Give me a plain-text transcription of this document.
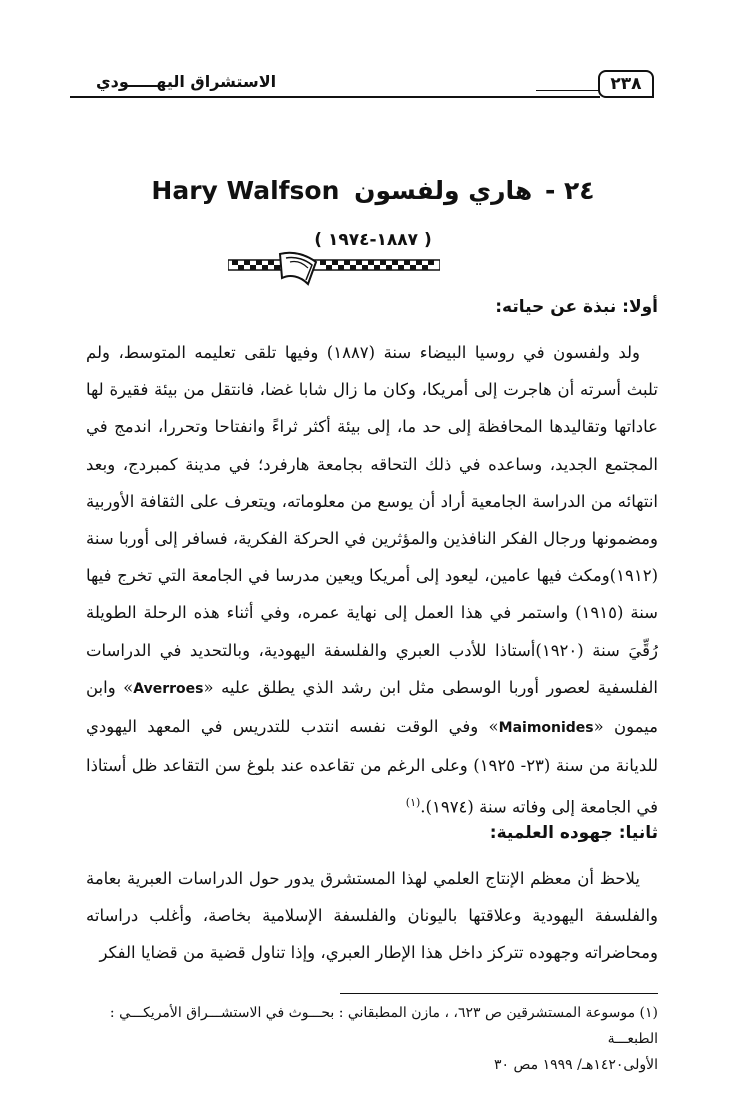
الاستشراق اليهـــــودي	٢٣٨
٢٤ - هاري ولفسون Hary Walfson
( ١٨٨٧-١٩٧٤ )
أولا: نبذة عن حياته:
ولد ولفسون في روسيا البيضاء سنة (١٨٨٧) وفيها تلقى تعليمه المتوسط، ولم تلبث أسرته أن هاجرت إلى أمريكا، وكان ما زال شابا غضا، فانتقل من بيئة فقيرة لها عاداتها وتقاليدها المحافظة إلى حد ما، إلى بيئة أكثر ثراءً وانفتاحا وتحررا، اندمج في المجتمع الجديد، وساعده في ذلك التحاقه بجامعة هارفرد؛ في مدينة كمبردج، وبعد انتهائه من الدراسة الجامعية أراد أن يوسع من معلوماته، ويتعرف على الثقافة الأوربية ومضمونها ورجال الفكر النافذين والمؤثرين في الحركة الفكرية، فسافر إلى أوربا سنة (١٩١٢)ومكث فيها عامين، ليعود إلى أمريكا ويعين مدرسا في الجامعة التي تخرج فيها سنة (١٩١٥) واستمر في هذا العمل إلى نهاية عمره، وفي أثناء هذه الرحلة الطويلة رُقِّيَ سنة (١٩٢٠)أستاذا للأدب العبري والفلسفة اليهودية، وبالتحديد في الدراسات الفلسفية لعصور أوربا الوسطى مثل ابن رشد الذي يطلق عليه «Averroes» وابن ميمون «Maimonides» وفي الوقت نفسه انتدب للتدريس في المعهد اليهودي للديانة من سنة (٢٣- ١٩٢٥) وعلى الرغم من تقاعده عند بلوغ سن التقاعد ظل أستاذا في الجامعة إلى وفاته سنة (١٩٧٤).$^{(١)}$
ثانيا: جهوده العلمية:
يلاحظ أن معظم الإنتاج العلمي لهذا المستشرق يدور حول الدراسات العبرية بعامة والفلسفة اليهودية وعلاقتها باليونان والفلسفة الإسلامية بخاصة، وأغلب دراساته ومحاضراته وجهوده تتركز داخل هذا الإطار العبري، وإذا تناول قضية من قضايا الفكر
(١) موسوعة المستشرقين ص ٦٢٣، ، مازن المطبقاني : بحـــوث في الاستشـــراق الأمريكـــي : الطبعـــة
الأولى١٤٢٠هـ/ ١٩٩٩ مص ٣٠
